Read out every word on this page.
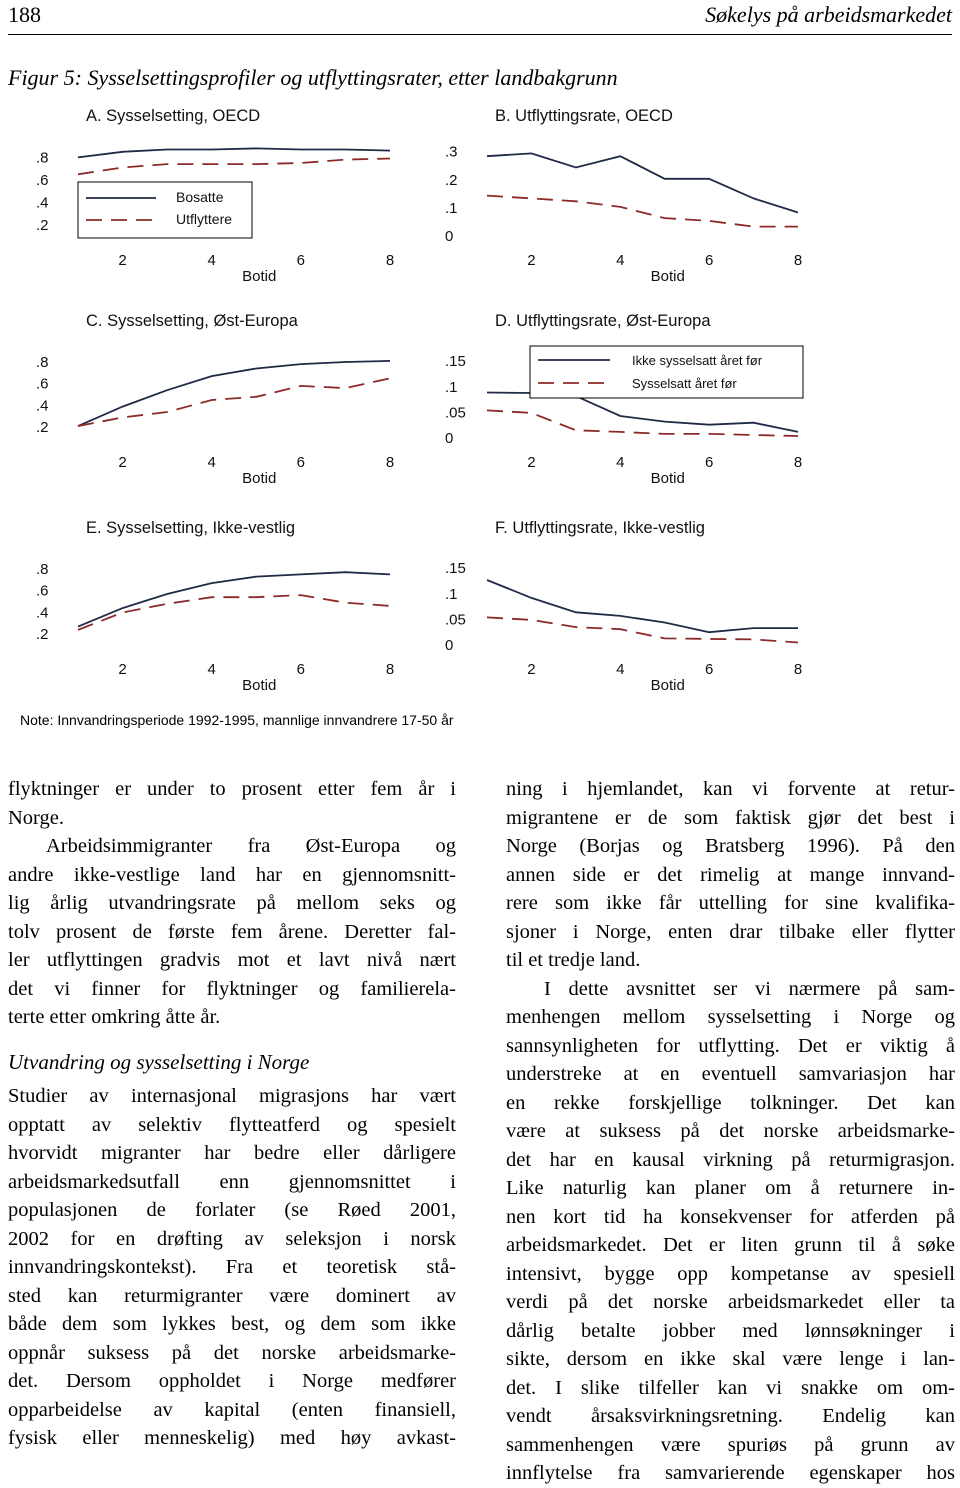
188	Søkelys på arbeidsmarkedet
Figur 5: Sysselsettingsprofiler og utflyttingsrater, etter landbakgrunn
A. Sysselsetting, OECD
.2
.4
.6
.8
2	4	6	8
Botid
B. Utflyttingsrate, OECD
0
.1
.2
.3
2	4	6	8
Botid
C. Sysselsetting, Øst-Europa
.2
.4
.6
.8
2	4	6	8
Botid
D. Utflyttingsrate, Øst-Europa
0
.05
.1
.15
2	4	6	8
Botid
E. Sysselsetting, Ikke-vestlig
.2
.4
.6
.8
2	4	6	8
Botid
F. Utflyttingsrate, Ikke-vestlig
0
.05
.1
.15
2	4	6	8
Botid
Bosatte
Utflyttere
Ikke sysselsatt året før
Sysselsatt året før
Note: Innvandringsperiode 1992-1995, mannlige innvandrere 17-50 år

flyktninger er under to prosent etter fem år i

Norge.

Arbeidsimmigranter fra Øst-Europa og

andre ikke-vestlige land har en gjennomsnitt-

lig årlig utvandringsrate på mellom seks og

tolv prosent de første fem årene. Deretter fal-

ler utflyttingen gradvis mot et lavt nivå nært

det vi finner for flyktninger og familierela-

terte etter omkring åtte år.

Utvandring og sysselsetting i Norge

Studier av internasjonal migrasjons har vært

opptatt av selektiv flytteatferd og spesielt

hvorvidt migranter har bedre eller dårligere

arbeidsmarkedsutfall enn gjennomsnittet i

populasjonen de forlater (se Røed 2001,

2002 for en drøfting av seleksjon i norsk

innvandringskontekst). Fra et teoretisk stå-

sted kan returmigranter være dominert av

både dem som lykkes best, og dem som ikke

oppnår suksess på det norske arbeidsmarke-

det. Dersom oppholdet i Norge medfører

opparbeidelse av kapital (enten finansiell,

fysisk eller menneskelig) med høy avkast-

ning i hjemlandet, kan vi forvente at retur-

migrantene er de som faktisk gjør det best i

Norge (Borjas og Bratsberg 1996). På den

annen side er det rimelig at mange innvand-

rere som ikke får uttelling for sine kvalifika-

sjoner i Norge, enten drar tilbake eller flytter

til et tredje land.

I dette avsnittet ser vi nærmere på sam-

menhengen mellom sysselsetting i Norge og

sannsynligheten for utflytting. Det er viktig å

understreke at en eventuell samvariasjon har

en rekke forskjellige tolkninger. Det kan

være at suksess på det norske arbeidsmarke-

det har en kausal virkning på returmigrasjon.

Like naturlig kan planer om å returnere in-

nen kort tid ha konsekvenser for atferden på

arbeidsmarkedet. Det er liten grunn til å søke

intensivt, bygge opp kompetanse av spesiell

verdi på det norske arbeidsmarkedet eller ta

dårlig betalte jobber med lønnsøkninger i

sikte, dersom en ikke skal være lenge i lan-

det. I slike tilfeller kan vi snakke om om-

vendt årsaksvirkningsretning. Endelig kan

sammenhengen være spuriøs på grunn av

innflytelse fra samvarierende egenskaper hos
